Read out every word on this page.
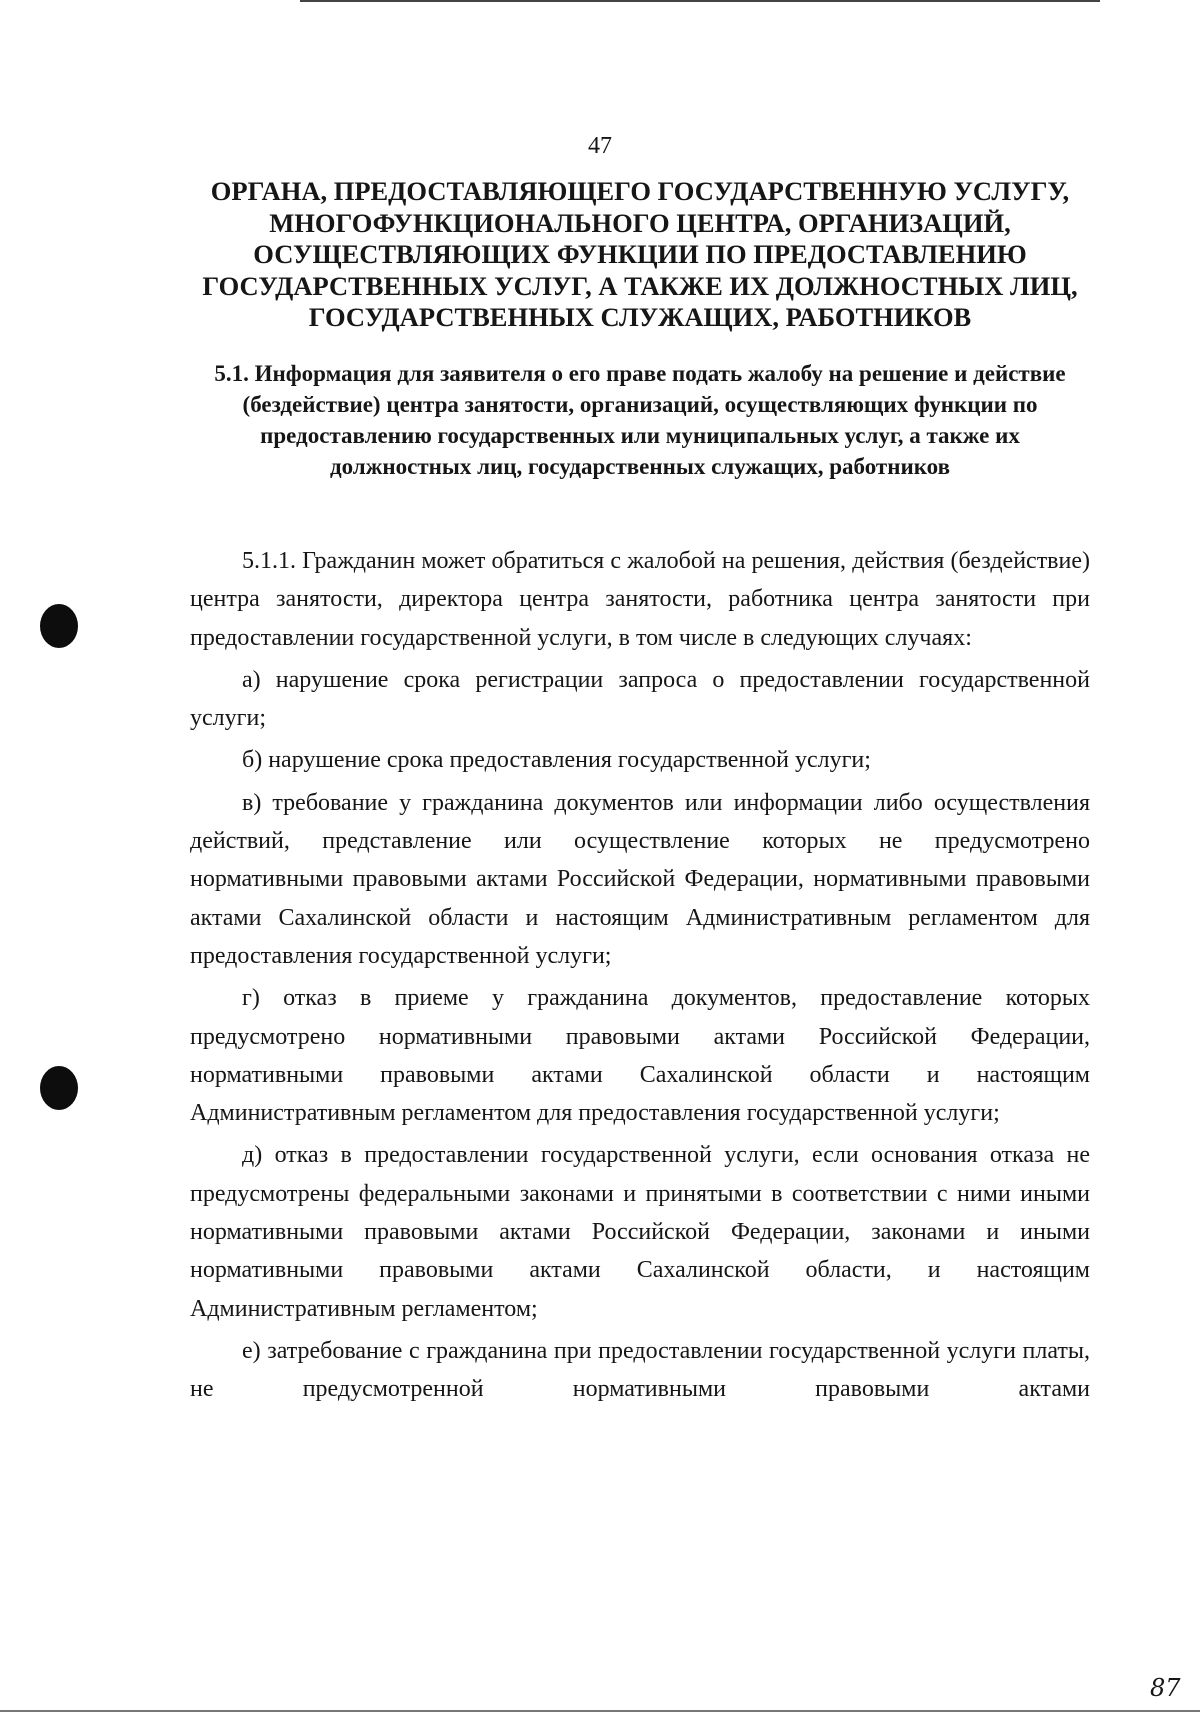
47
ОРГАНА, ПРЕДОСТАВЛЯЮЩЕГО ГОСУДАРСТВЕННУЮ УСЛУГУ, МНОГОФУНКЦИОНАЛЬНОГО ЦЕНТРА, ОРГАНИЗАЦИЙ, ОСУЩЕСТВЛЯЮЩИХ ФУНКЦИИ ПО ПРЕДОСТАВЛЕНИЮ ГОСУДАРСТВЕННЫХ УСЛУГ, А ТАКЖЕ ИХ ДОЛЖНОСТНЫХ ЛИЦ, ГОСУДАРСТВЕННЫХ СЛУЖАЩИХ, РАБОТНИКОВ
5.1. Информация для заявителя о его праве подать жалобу на решение и действие (бездействие) центра занятости, организаций, осуществляющих функции по предоставлению государственных или муниципальных услуг, а также их должностных лиц, государственных служащих, работников

5.1.1. Гражданин может обратиться с жалобой на решения, действия (бездействие) центра занятости, директора центра занятости, работника центра занятости при предоставлении государственной услуги, в том числе в следующих случаях:

а) нарушение срока регистрации запроса о предоставлении государственной услуги;

б) нарушение срока предоставления государственной услуги;

в) требование у гражданина документов или информации либо осуществления действий, представление или осуществление которых не предусмотрено нормативными правовыми актами Российской Федерации, нормативными правовыми актами Сахалинской области и настоящим Административным регламентом для предоставления государственной услуги;

г) отказ в приеме у гражданина документов, предоставление которых предусмотрено нормативными правовыми актами Российской Федерации, нормативными правовыми актами Сахалинской области и настоящим Административным регламентом для предоставления государственной услуги;

д) отказ в предоставлении государственной услуги, если основания отказа не предусмотрены федеральными законами и принятыми в соответствии с ними иными нормативными правовыми актами Российской Федерации, законами и иными нормативными правовыми актами Сахалинской области, и настоящим Административным регламентом;

е) затребование с гражданина при предоставлении государственной услуги платы, не предусмотренной нормативными правовыми актами

87
